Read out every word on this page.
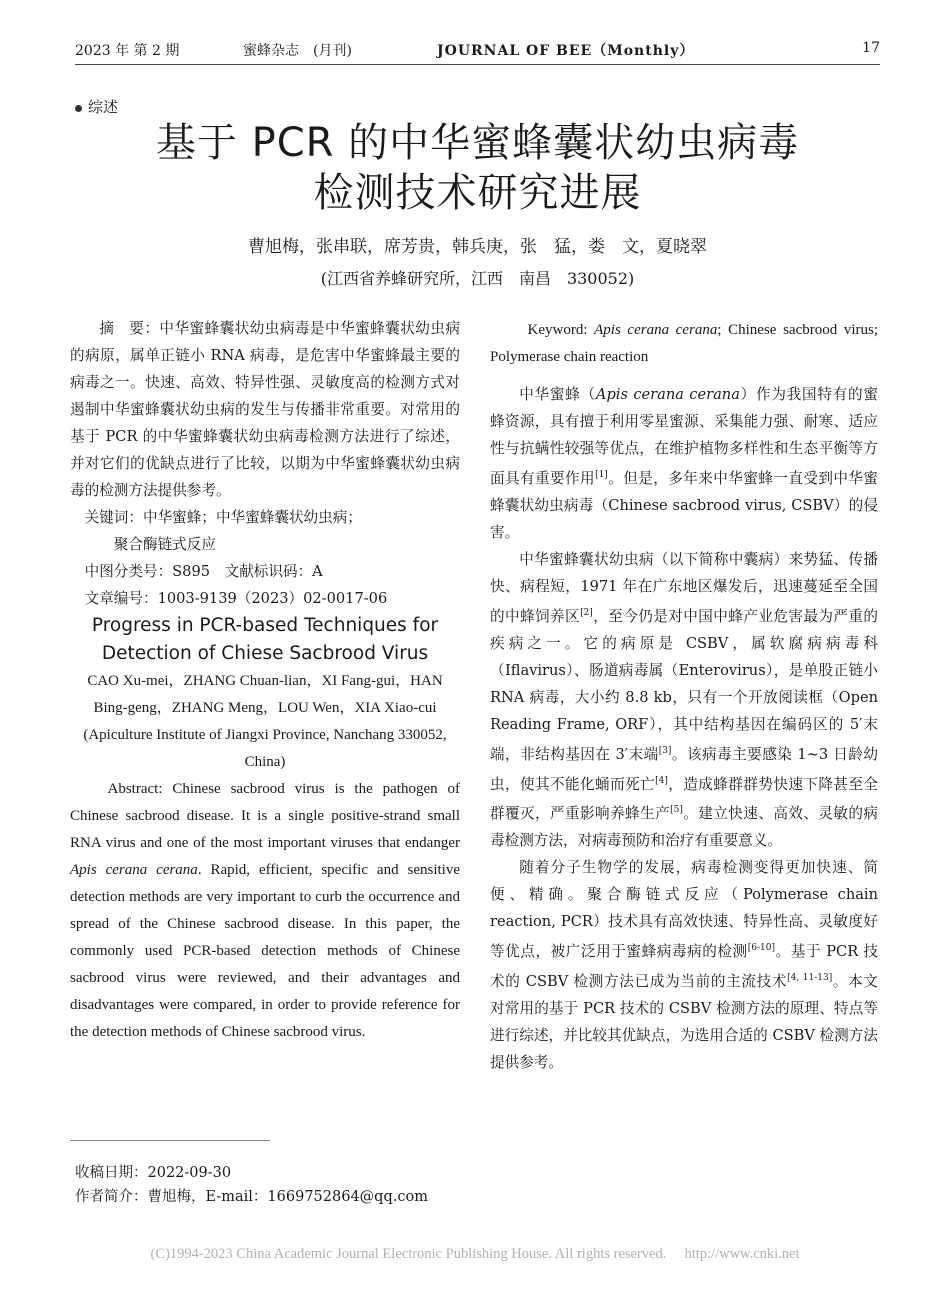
2023 年 第 2 期	蜜蜂杂志　(月刊)	JOURNAL OF BEE（Monthly）	17
综述
基于 PCR 的中华蜜蜂囊状幼虫病毒
检测技术研究进展
曹旭梅，张串联，席芳贵，韩兵庚，张　猛，娄　文，夏晓翠
(江西省养蜂研究所，江西　南昌　330052)

摘　要：中华蜜蜂囊状幼虫病毒是中华蜜蜂囊状幼虫病的病原，属单正链小 RNA 病毒，是危害中华蜜蜂最主要的病毒之一。快速、高效、特异性强、灵敏度高的检测方式对遏制中华蜜蜂囊状幼虫病的发生与传播非常重要。对常用的基于 PCR 的中华蜜蜂囊状幼虫病毒检测方法进行了综述，并对它们的优缺点进行了比较，以期为中华蜜蜂囊状幼虫病毒的检测方法提供参考。

关键词：中华蜜蜂；中华蜜蜂囊状幼虫病；

聚合酶链式反应

中图分类号：S895　文献标识码：A

文章编号：1003-9139（2023）02-0017-06

Progress in PCR-based Techniques for Detection of Chiese Sacbrood Virus
CAO Xu-mei，ZHANG Chuan-lian，XI Fang-gui，HAN Bing-geng，ZHANG Meng，LOU Wen，XIA Xiao-cui
(Apiculture Institute of Jiangxi Province, Nanchang 330052, China)

Abstract: Chinese sacbrood virus is the pathogen of Chinese sacbrood disease. It is a single positive-strand small RNA virus and one of the most important viruses that endanger Apis cerana cerana. Rapid, efficient, specific and sensitive detection methods are very important to curb the occurrence and spread of the Chinese sacbrood disease. In this paper, the commonly used PCR-based detection methods of Chinese sacbrood virus were reviewed, and their advantages and disadvantages were compared, in order to provide reference for the detection methods of Chinese sacbrood virus.

收稿日期：2022-09-30
作者简介：曹旭梅，E-mail：1669752864@qq.com

Keyword: Apis cerana cerana; Chinese sacbrood virus; Polymerase chain reaction

中华蜜蜂（Apis cerana cerana）作为我国特有的蜜蜂资源，具有擅于利用零星蜜源、采集能力强、耐寒、适应性与抗螨性较强等优点，在维护植物多样性和生态平衡等方面具有重要作用[1]。但是，多年来中华蜜蜂一直受到中华蜜蜂囊状幼虫病毒（Chinese sacbrood virus, CSBV）的侵害。

中华蜜蜂囊状幼虫病（以下简称中囊病）来势猛、传播快、病程短，1971 年在广东地区爆发后，迅速蔓延至全国的中蜂饲养区[2]，至今仍是对中国中蜂产业危害最为严重的疾病之一。它的病原是 CSBV，属软腐病病毒科（Iflavirus）、肠道病毒属（Enterovirus），是单股正链小 RNA 病毒，大小约 8.8 kb，只有一个开放阅读框（Open Reading Frame, ORF），其中结构基因在编码区的 5′末端，非结构基因在 3′末端[3]。该病毒主要感染 1~3 日龄幼虫，使其不能化蛹而死亡[4]，造成蜂群群势快速下降甚至全群覆灭，严重影响养蜂生产[5]。建立快速、高效、灵敏的病毒检测方法，对病毒预防和治疗有重要意义。

随着分子生物学的发展，病毒检测变得更加快速、简便、精确。聚合酶链式反应（Polymerase chain reaction, PCR）技术具有高效快速、特异性高、灵敏度好等优点，被广泛用于蜜蜂病毒病的检测[6-10]。基于 PCR 技术的 CSBV 检测方法已成为当前的主流技术[4, 11-13]。本文对常用的基于 PCR 技术的 CSBV 检测方法的原理、特点等进行综述，并比较其优缺点，为选用合适的 CSBV 检测方法提供参考。

(C)1994-2023 China Academic Journal Electronic Publishing House. All rights reserved.　 http://www.cnki.net
